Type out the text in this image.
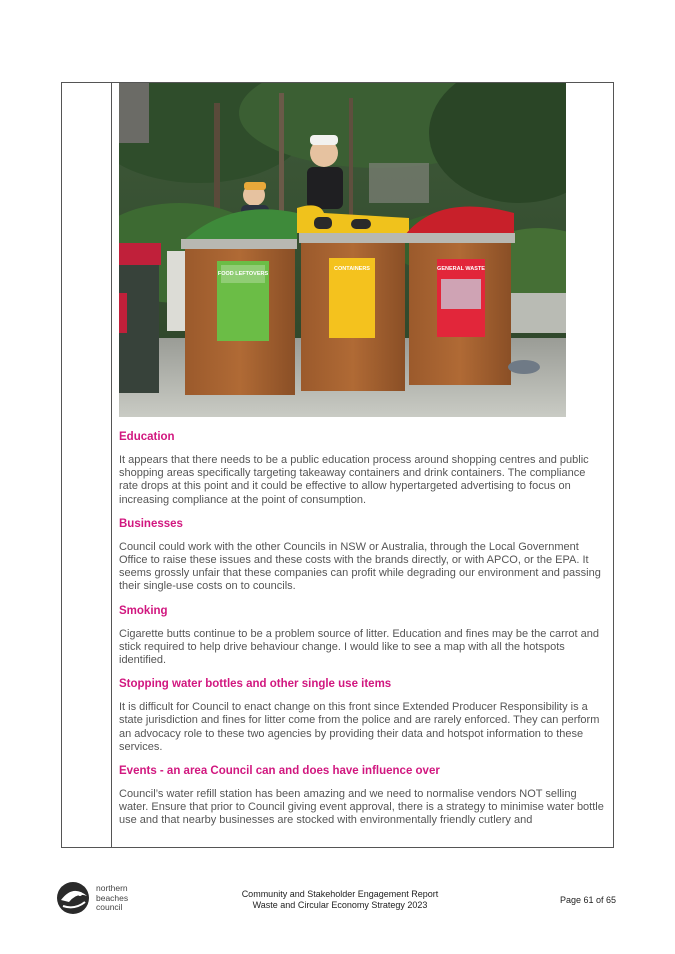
FOOD LEFTOVERS
CONTAINERS	GENERAL WASTE
Education

It appears that there needs to be a public education process around shopping centres and public shopping areas specifically targeting takeaway containers and drink containers. The compliance rate drops at this point and it could be effective to allow hypertargeted advertising to focus on increasing compliance at the point of consumption.

Businesses

Council could work with the other Councils in NSW or Australia, through the Local Government Office to raise these issues and these costs with the brands directly, or with APCO, or the EPA. It seems grossly unfair that these companies can profit while degrading our environment and passing their single-use costs on to councils.

Smoking

Cigarette butts continue to be a problem source of litter. Education and fines may be the carrot and stick required to help drive behaviour change. I would like to see a map with all the hotspots identified.

Stopping water bottles and other single use items

It is difficult for Council to enact change on this front since Extended Producer Responsibility is a state jurisdiction and fines for litter come from the police and are rarely enforced. They can perform an advocacy role to these two agencies by providing their data and hotspot information to these services.

Events - an area Council can and does have influence over

Council’s water refill station has been amazing and we need to normalise vendors NOT selling water. Ensure that prior to Council giving event approval, there is a strategy to minimise water bottle use and that nearby businesses are stocked with environmentally friendly cutlery and

northern
beaches
council
Community and Stakeholder Engagement Report
Waste and Circular Economy Strategy 2023	Page 61 of 65
